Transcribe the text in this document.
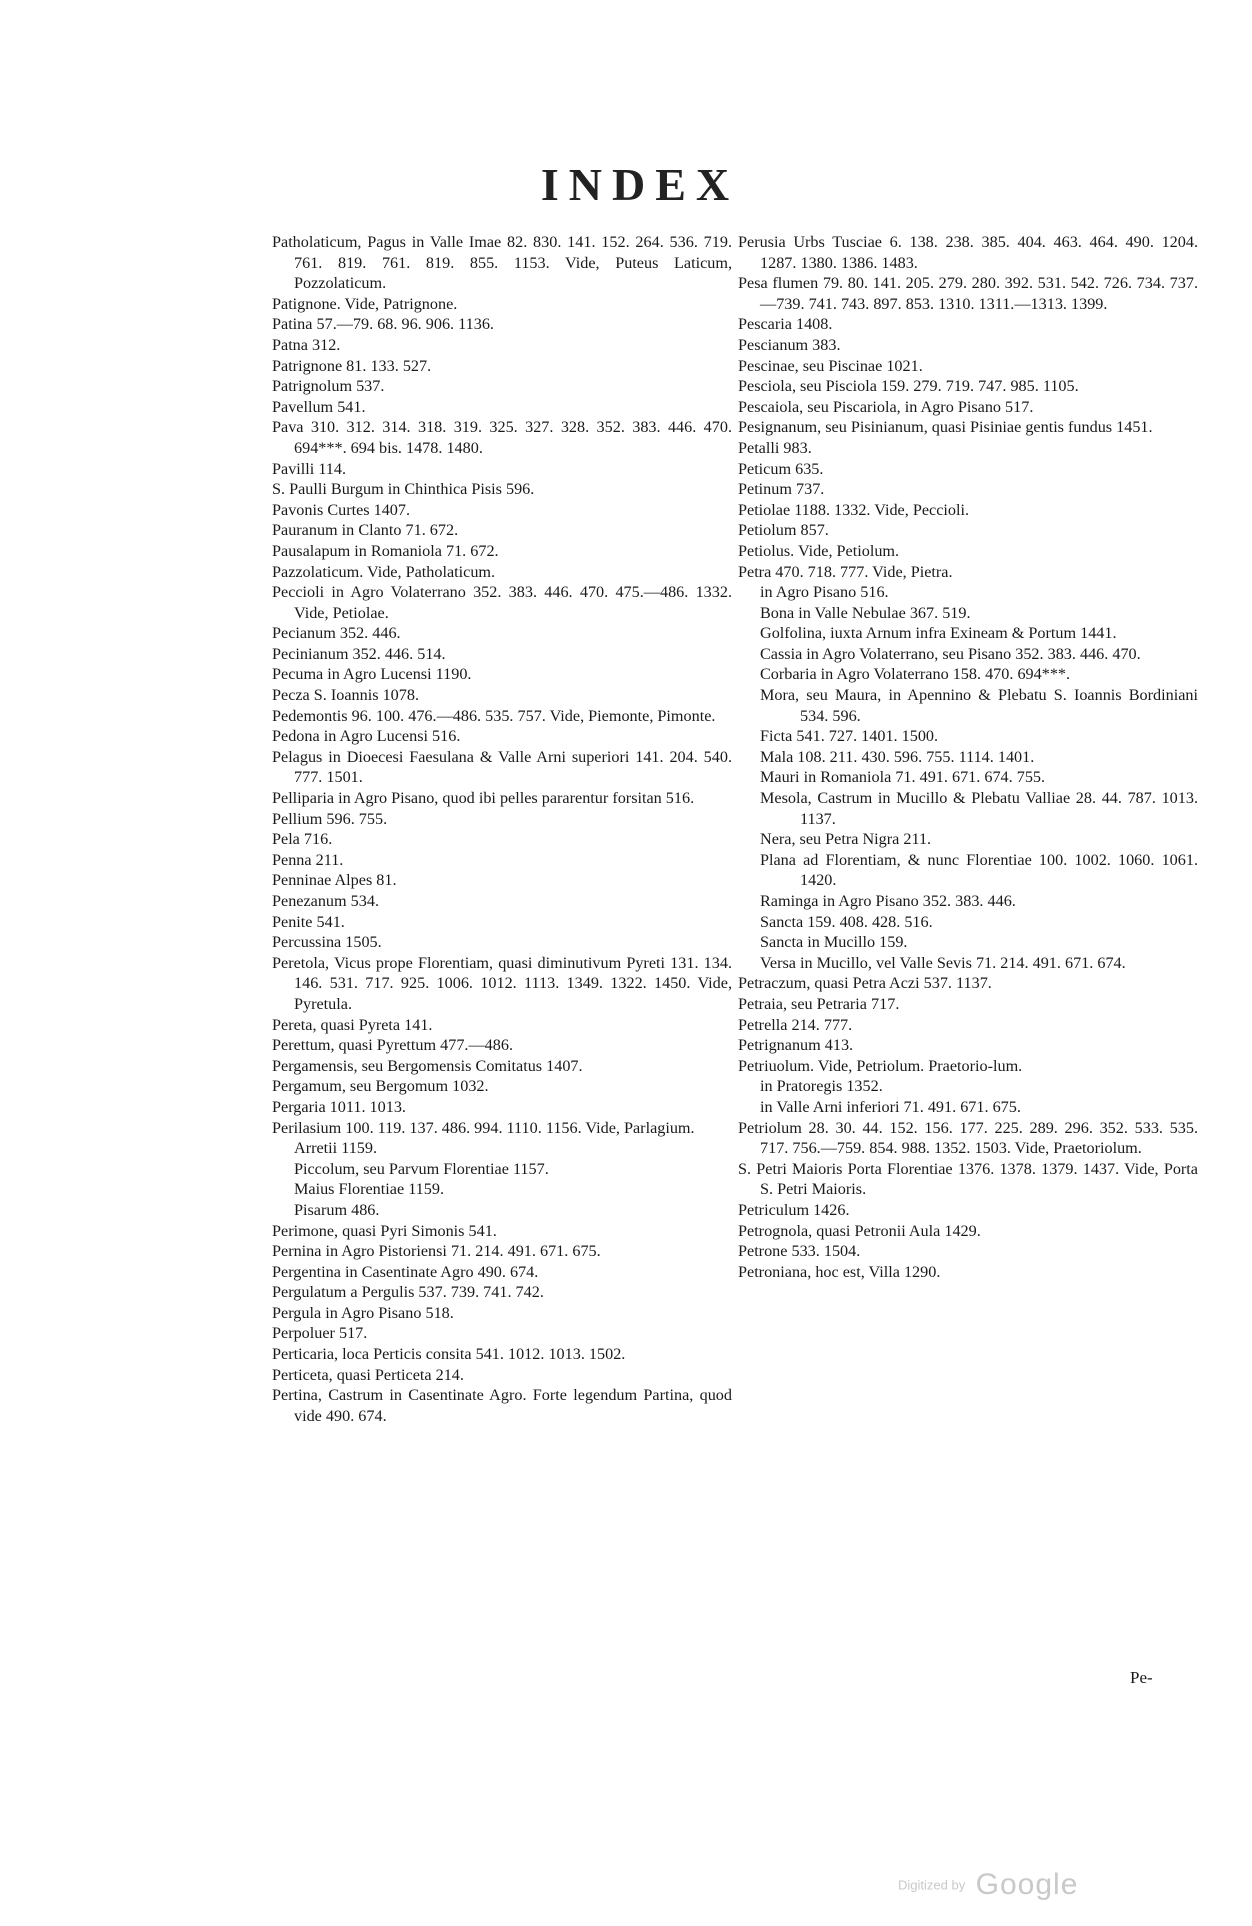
INDEX

Patholaticum, Pagus in Valle Imae 82. 830. 141. 152. 264. 536. 719. 761. 819. 761. 819. 855. 1153. Vide, Puteus Laticum, Pozzolaticum.

Patignone. Vide, Patrignone.

Patina 57.—79. 68. 96. 906. 1136.

Patna 312.

Patrignone 81. 133. 527.

Patrignolum 537.

Pavellum 541.

Pava 310. 312. 314. 318. 319. 325. 327. 328. 352. 383. 446. 470. 694***. 694 bis. 1478. 1480.

Pavilli 114.

S. Paulli Burgum in Chinthica Pisis 596.

Pavonis Curtes 1407.

Pauranum in Clanto 71. 672.

Pausalapum in Romaniola 71. 672.

Pazzolaticum. Vide, Patholaticum.

Peccioli in Agro Volaterrano 352. 383. 446. 470. 475.—486. 1332. Vide, Petiolae.

Pecianum 352. 446.

Pecinianum 352. 446. 514.

Pecuma in Agro Lucensi 1190.

Pecza S. Ioannis 1078.

Pedemontis 96. 100. 476.—486. 535. 757. Vide, Piemonte, Pimonte.

Pedona in Agro Lucensi 516.

Pelagus in Dioecesi Faesulana & Valle Arni superiori 141. 204. 540. 777. 1501.

Pelliparia in Agro Pisano, quod ibi pelles pararentur forsitan 516.

Pellium 596. 755.

Pela 716.

Penna 211.

Penninae Alpes 81.

Penezanum 534.

Penite 541.

Percussina 1505.

Peretola, Vicus prope Florentiam, quasi diminutivum Pyreti 131. 134. 146. 531. 717. 925. 1006. 1012. 1113. 1349. 1322. 1450. Vide, Pyretula.

Pereta, quasi Pyreta 141.

Perettum, quasi Pyrettum 477.—486.

Pergamensis, seu Bergomensis Comitatus 1407.

Pergamum, seu Bergomum 1032.

Pergaria 1011. 1013.

Perilasium 100. 119. 137. 486. 994. 1110. 1156. Vide, Parlagium.

Arretii 1159.

Piccolum, seu Parvum Florentiae 1157.

Maius Florentiae 1159.

Pisarum 486.

Perimone, quasi Pyri Simonis 541.

Pernina in Agro Pistoriensi 71. 214. 491. 671. 675.

Pergentina in Casentinate Agro 490. 674.

Pergulatum a Pergulis 537. 739. 741. 742.

Pergula in Agro Pisano 518.

Perpoluer 517.

Perticaria, loca Perticis consita 541. 1012. 1013. 1502.

Perticeta, quasi Perticeta 214.

Pertina, Castrum in Casentinate Agro. Forte legendum Partina, quod vide 490. 674.

Perusia Urbs Tusciae 6. 138. 238. 385. 404. 463. 464. 490. 1204. 1287. 1380. 1386. 1483.

Pesa flumen 79. 80. 141. 205. 279. 280. 392. 531. 542. 726. 734. 737.—739. 741. 743. 897. 853. 1310. 1311.—1313. 1399.

Pescaria 1408.

Pescianum 383.

Pescinae, seu Piscinae 1021.

Pesciola, seu Pisciola 159. 279. 719. 747. 985. 1105.

Pescaiola, seu Piscariola, in Agro Pisano 517.

Pesignanum, seu Pisinianum, quasi Pisiniae gentis fundus 1451.

Petalli 983.

Peticum 635.

Petinum 737.

Petiolae 1188. 1332. Vide, Peccioli.

Petiolum 857.

Petiolus. Vide, Petiolum.

Petra 470. 718. 777. Vide, Pietra.

in Agro Pisano 516.

Bona in Valle Nebulae 367. 519.

Golfolina, iuxta Arnum infra Exineam & Portum 1441.

Cassia in Agro Volaterrano, seu Pisano 352. 383. 446. 470.

Corbaria in Agro Volaterrano 158. 470. 694***.

Mora, seu Maura, in Apennino & Plebatu S. Ioannis Bordiniani 534. 596.

Ficta 541. 727. 1401. 1500.

Mala 108. 211. 430. 596. 755. 1114. 1401.

Mauri in Romaniola 71. 491. 671. 674. 755.

Mesola, Castrum in Mucillo & Plebatu Valliae 28. 44. 787. 1013. 1137.

Nera, seu Petra Nigra 211.

Plana ad Florentiam, & nunc Florentiae 100. 1002. 1060. 1061. 1420.

Raminga in Agro Pisano 352. 383. 446.

Sancta 159. 408. 428. 516.

Sancta in Mucillo 159.

Versa in Mucillo, vel Valle Sevis 71. 214. 491. 671. 674.

Petraczum, quasi Petra Aczi 537. 1137.

Petraia, seu Petraria 717.

Petrella 214. 777.

Petrignanum 413.

Petriuolum. Vide, Petriolum. Praetorio-lum.

in Pratoregis 1352.

in Valle Arni inferiori 71. 491. 671. 675.

Petriolum 28. 30. 44. 152. 156. 177. 225. 289. 296. 352. 533. 535. 717. 756.—759. 854. 988. 1352. 1503. Vide, Praetoriolum.

S. Petri Maioris Porta Florentiae 1376. 1378. 1379. 1437. Vide, Porta S. Petri Maioris.

Petriculum 1426.

Petrognola, quasi Petronii Aula 1429.

Petrone 533. 1504.

Petroniana, hoc est, Villa 1290.

Pe-
Digitized by Google
